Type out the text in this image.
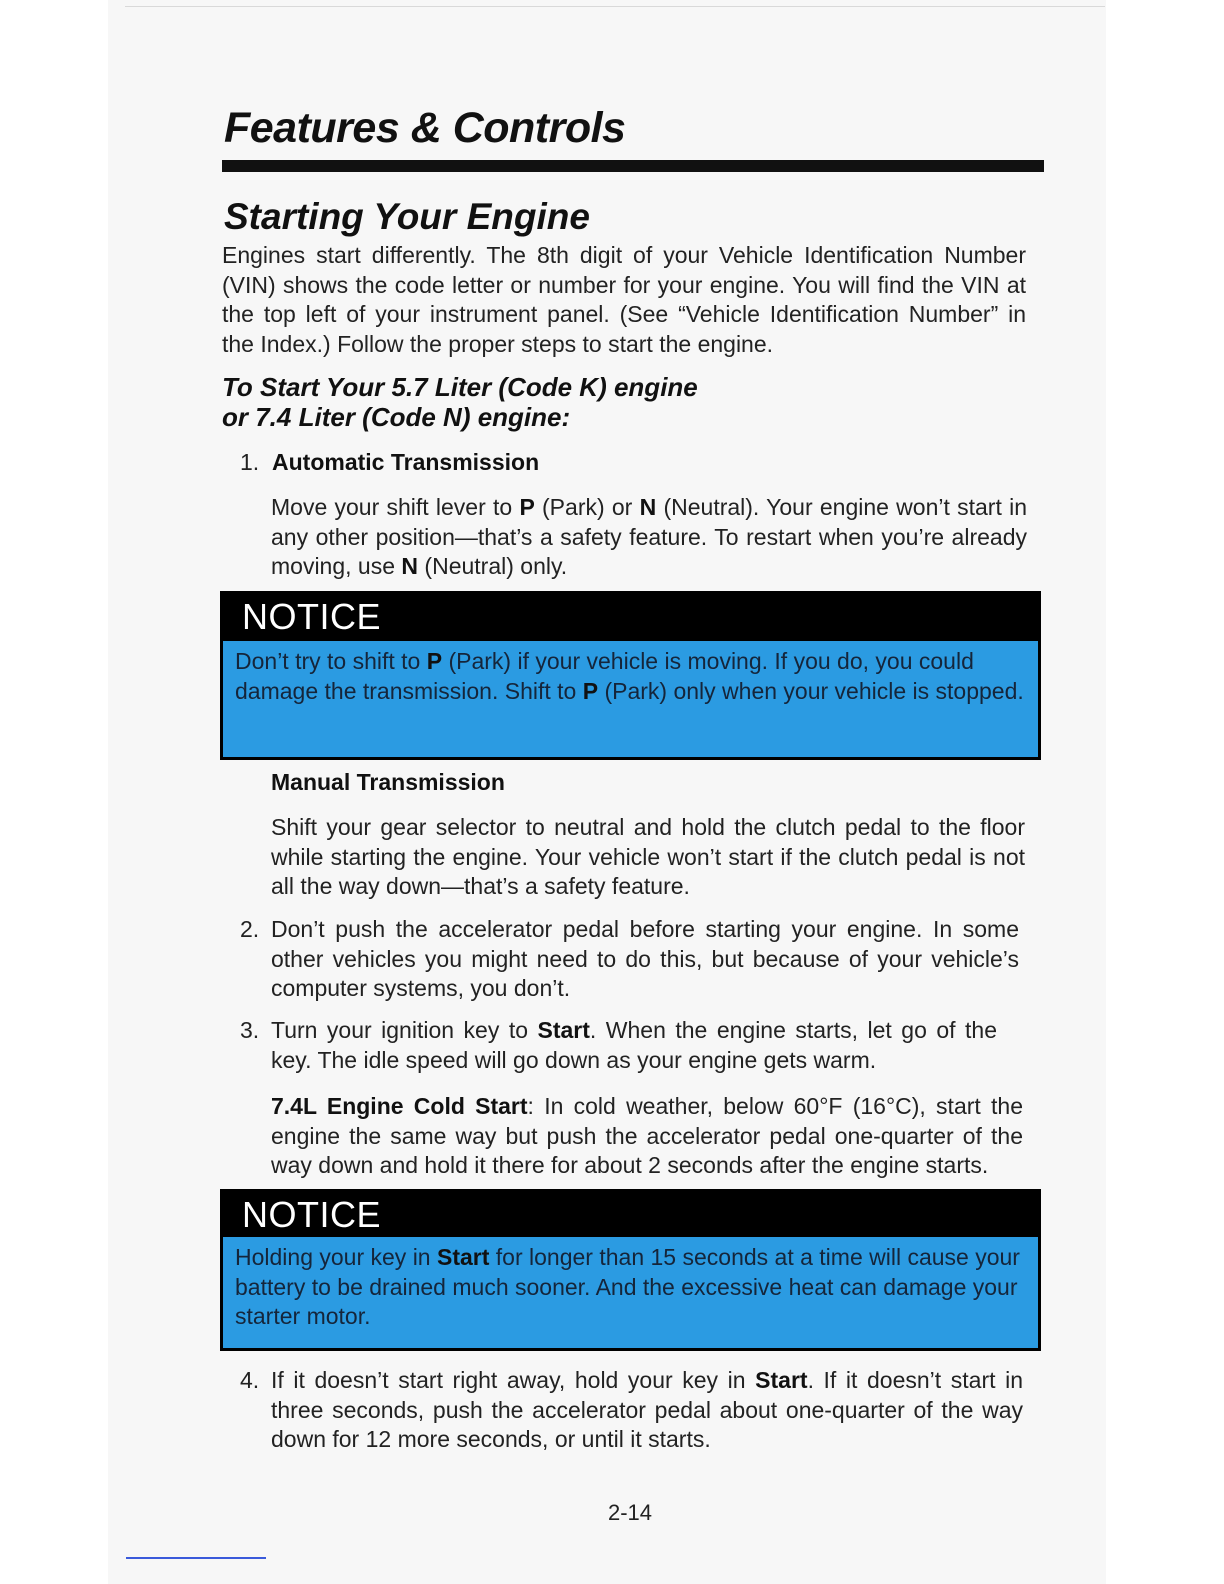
Features & Controls
Starting Your Engine
Engines start differently. The 8th digit of your Vehicle Identification Number (VIN) shows the code letter or number for your engine. You will find the VIN at the top left of your instrument panel. (See “Vehicle Identification Number” in the Index.) Follow the proper steps to start the engine.
To Start Your 5.7 Liter (Code K) engine
or 7.4 Liter (Code N) engine:
1. Automatic Transmission
Move your shift lever to P (Park) or N (Neutral). Your engine won’t start in any other position—that’s a safety feature. To restart when you’re already moving, use N (Neutral) only.
NOTICE
Don’t try to shift to P (Park) if your vehicle is moving. If you do, you could damage the transmission. Shift to P (Park) only when your vehicle is stopped.
Manual Transmission
Shift your gear selector to neutral and hold the clutch pedal to the floor while starting the engine. Your vehicle won’t start if the clutch pedal is not all the way down—that’s a safety feature.
2. Don’t push the accelerator pedal before starting your engine. In some other vehicles you might need to do this, but because of your vehicle’s computer systems, you don’t.
3. Turn your ignition key to Start. When the engine starts, let go of the key. The idle speed will go down as your engine gets warm.
7.4L Engine Cold Start: In cold weather, below 60°F (16°C), start the engine the same way but push the accelerator pedal one-quarter of the way down and hold it there for about 2 seconds after the engine starts.
NOTICE
Holding your key in Start for longer than 15 seconds at a time will cause your battery to be drained much sooner. And the excessive heat can damage your starter motor.
4. If it doesn’t start right away, hold your key in Start. If it doesn’t start in three seconds, push the accelerator pedal about one-quarter of the way down for 12 more seconds, or until it starts.
2-14
